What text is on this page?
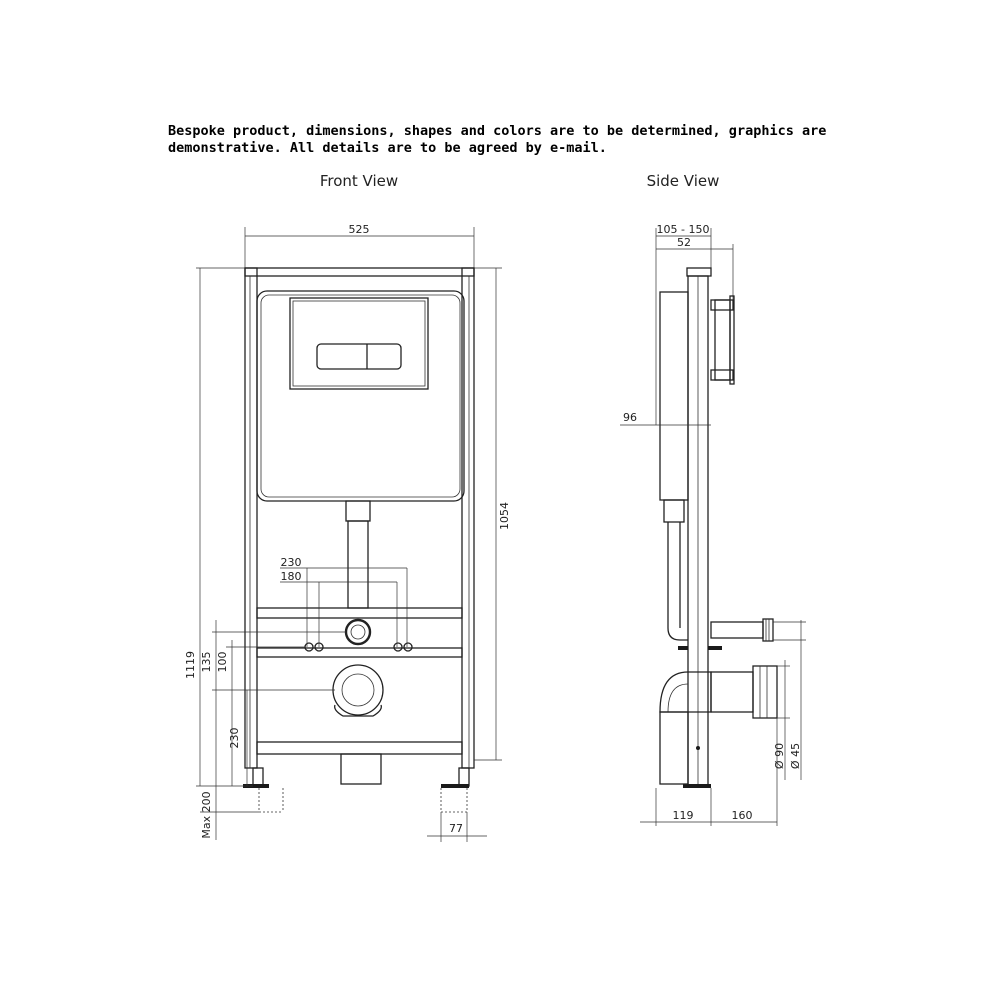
Bespoke product, dimensions, shapes and colors are to be determined, graphics are
demonstrative. All details are to be agreed by e-mail.

Front View
525
230
180
1054
1119 135 100
230
Max 200	77
Side View
105 - 150
52
96
Ø 90 Ø 45
119	160
